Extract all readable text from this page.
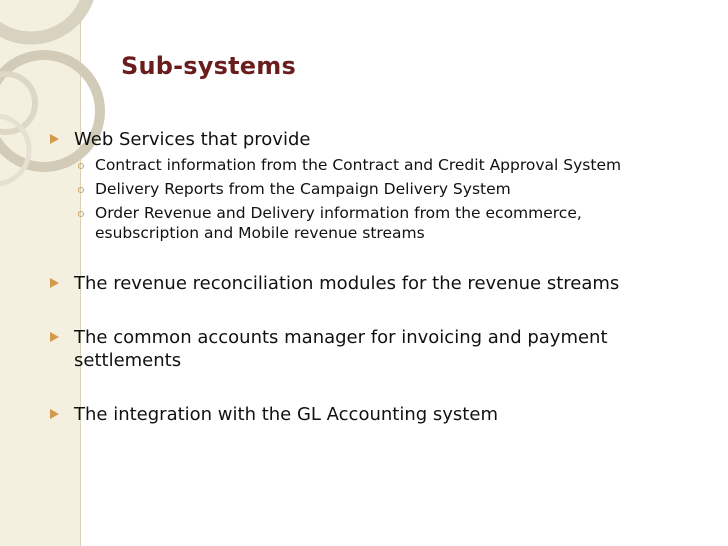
Sub-systems
Web Services that provide
Contract information from the Contract and Credit Approval System
Delivery Reports from the Campaign Delivery System
Order Revenue and Delivery information from the ecommerce, esubscription and Mobile revenue streams
The revenue reconciliation modules for the revenue streams
The common accounts manager for invoicing and payment settlements
The integration with the GL Accounting system
